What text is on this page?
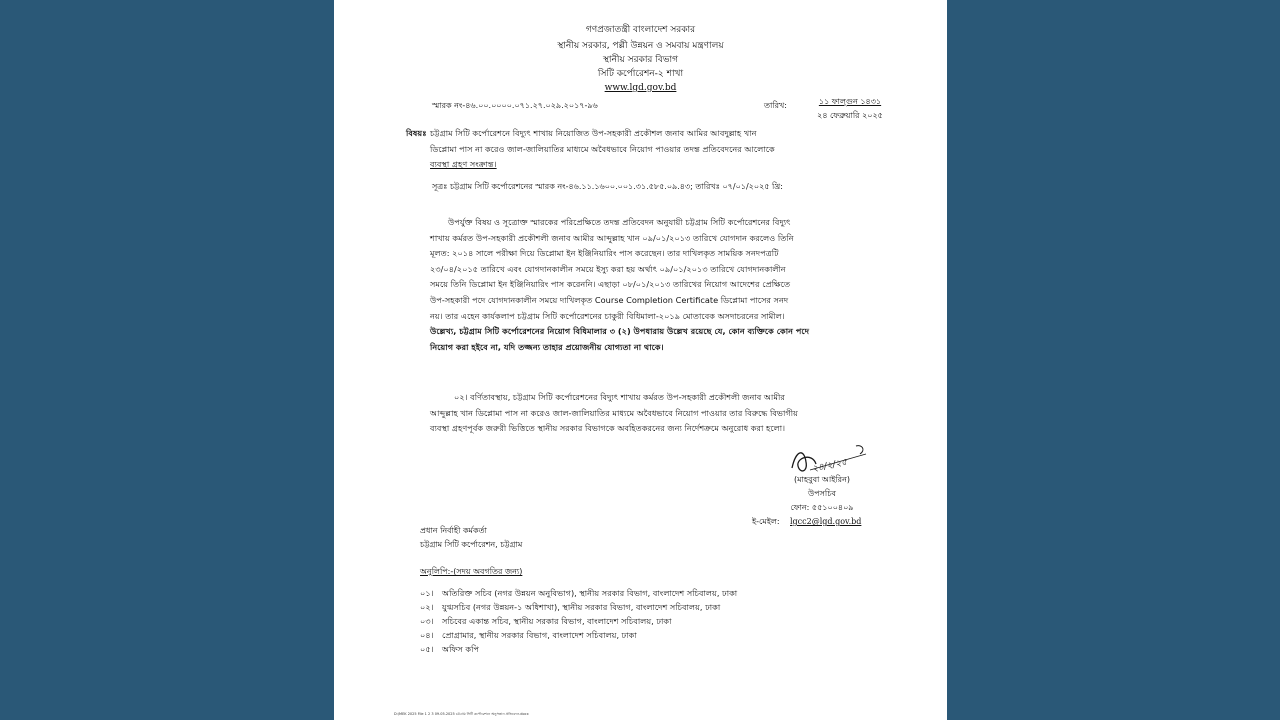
গণপ্রজাতন্ত্রী বাংলাদেশ সরকার
স্থানীয় সরকার, পল্লী উন্নয়ন ও সমবায় মন্ত্রণালয়
স্থানীয় সরকার বিভাগ
সিটি কর্পোরেশন-২ শাখা
www.lgd.gov.bd
স্মারক নং-৪৬.০০.০০০০.০৭১.২৭.০২৯.২০১৭-৯৬	তারিখ:	১১ ফাল্গুন ১৪৩১
২৪ ফেব্রুয়ারি ২০২৫
বিষয়ঃ চট্টগ্রাম সিটি কর্পোরেশনে বিদ্যুৎ শাখায় নিয়োজিত উপ-সহকারী প্রকৌশল জনাব আমির আবদুল্লাহ খান
ডিপ্লোমা পাস না করেও জাল-জালিয়াতির মাধ্যমে অবৈধভাবে নিয়োগ পাওয়ার তদন্ত প্রতিবেদনের আলোকে
ব্যবস্থা গ্রহণ সংক্রান্ত।
সূত্রঃ চট্টগ্রাম সিটি কর্পোরেশনের স্মারক নং-৪৬.১১.১৬০০.০০১.৩১.৫৮৫.০৯.৪৩; তারিখঃ ০৭/০১/২০২৫ খ্রি:
উপর্যুক্ত বিষয় ও সূত্রোক্ত স্মারকের পরিপ্রেক্ষিতে তদন্ত প্রতিবেদন অনুযায়ী চট্টগ্রাম সিটি কর্পোরেশনের বিদ্যুৎ
শাখায় কর্মরত উপ-সহকারী প্রকৌশলী জনাব আমীর আব্দুল্লাহ খান ০৯/০১/২০১৩ তারিখে যোগদান করলেও তিনি
মূলত: ২০১৪ সালে পরীক্ষা দিয়ে ডিপ্লোমা ইন ইঞ্জিনিয়ারিং পাস করেছেন। তার দাখিলকৃত সাময়িক সনদপত্রটি
২৩/০৪/২০১৫ তারিখে এবং যোগদানকালীন সময়ে ইস্যু করা হয় অর্থাৎ ০৯/০১/২০১৩ তারিখে যোগদানকালীন
সময়ে তিনি ডিপ্লোমা ইন ইঞ্জিনিয়ারিং পাস করেননি। এছাড়া ০৮/০১/২০১৩ তারিখের নিয়োগ আদেশের প্রেক্ষিতে
উপ-সহকারী পদে যোগদানকালীন সময়ে দাখিলকৃত Course Completion Certificate ডিপ্লোমা পাসের সনদ
নয়। তার এহেন কার্যকলাপ চট্টগ্রাম সিটি কর্পোরেশনের চাকুরী বিধিমালা-২০১৯ মোতাবেক অসদাচরনের সামীল।
উল্লেখ্য, চট্টগ্রাম সিটি কর্পোরেশনের নিয়োগ বিধিমালার ৩ (২) উপধারায় উল্লেখ রয়েছে যে, কোন ব্যক্তিকে কোন পদে
নিয়োগ করা হইবে না, যদি তজ্জন্য তাহার প্রয়োজনীয় যোগ্যতা না থাকে।
০২। বর্ণিতাবস্থায়, চট্টগ্রাম সিটি কর্পোরেশনের বিদ্যুৎ শাখায় কর্মরত উপ-সহকারী প্রকৌশলী জনাব আমীর
আব্দুল্লাহ খান ডিপ্লোমা পাস না করেও জাল-জালিয়াতির মাধ্যমে অবৈধভাবে নিয়োগ পাওয়ার তার বিরুদ্ধে বিভাগীয়
ব্যবস্থা গ্রহণপূর্বক জরুরী ভিত্তিতে স্থানীয় সরকার বিভাগকে অবহিতকরনের জন্য নির্দেশক্রমে অনুরোধ করা হলো।
২৪/২/২৫
(মাহবুবা আইরিন)
উপসচিব
ফোন: ৫৫১০০৪০৯
ই-মেইল: lgcc2@lgd.gov.bd
প্রধান নির্বাহী কর্মকর্তা
চট্টগ্রাম সিটি কর্পোরেশন, চট্টগ্রাম
অনুলিপি:-(সদয় অবগতির জন্য)
০১। অতিরিক্ত সচিব (নগর উন্নয়ন অনুবিভাগ), স্থানীয় সরকার বিভাগ, বাংলাদেশ সচিবালয়, ঢাকা
০২। যুগ্মসচিব (নগর উন্নয়ন-১ অধিশাখা), স্থানীয় সরকার বিভাগ, বাংলাদেশ সচিবালয়, ঢাকা
০৩। সচিবের একান্ত সচিব, স্থানীয় সরকার বিভাগ, বাংলাদেশ সচিবালয়, ঢাকা
০৪। প্রোগ্রামার, স্থানীয় সরকার বিভাগ, বাংলাদেশ সচিবালয়, ঢাকা
০৫। অফিস কপি
D:\MEK 2025 File 1 2 3 09.05.2025 চট্টগ্রাম সিটি কর্পোরেশনে অনুসন্ধান প্রতিবেদন.docx
